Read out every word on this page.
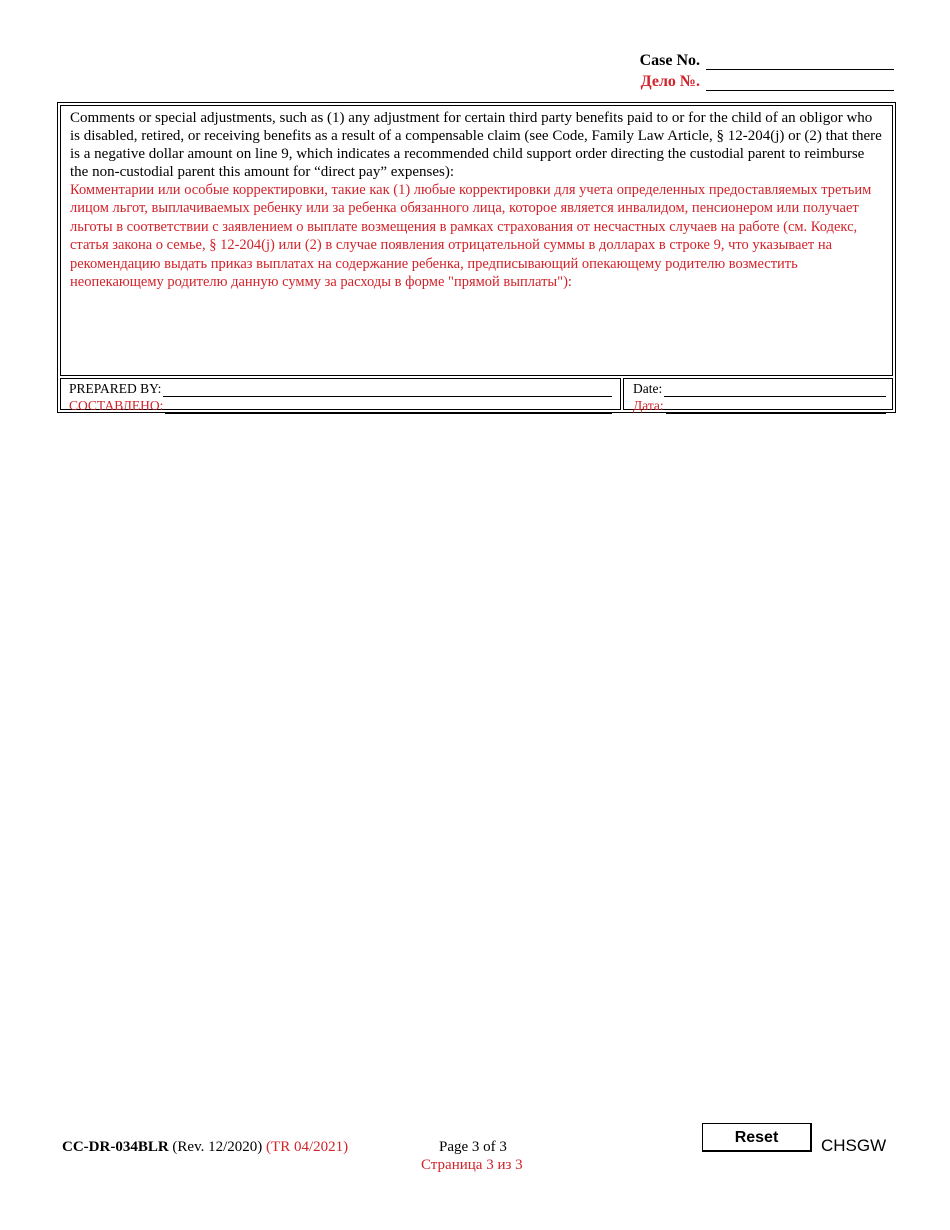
Case No.
Дело №.

Comments or special adjustments, such as (1) any adjustment for certain third party benefits paid to or for the child of an obligor who is disabled, retired, or receiving benefits as a result of a compensable claim (see Code, Family Law Article, § 12-204(j) or (2) that there is a negative dollar amount on line 9, which indicates a recommended child support order directing the custodial parent to reimburse the non-custodial parent this amount for “direct pay” expenses):

Комментарии или особые корректировки, такие как (1) любые корректировки для учета определенных предоставляемых третьим лицом льгот, выплачиваемых ребенку или за ребенка обязанного лица, которое является инвалидом, пенсионером или получает льготы в соответствии с заявлением о выплате возмещения в рамках страхования от несчастных случаев на работе (см. Кодекс, статья закона о семье, § 12-204(j) или (2) в случае появления отрицательной суммы в долларах в строке 9, что указывает на рекомендацию выдать приказ выплатах на содержание ребенка, предписывающий опекающему родителю возместить неопекающему родителю данную сумму за расходы в форме "прямой выплаты"):

PREPARED BY:
СОСТАВЛЕНО:
Date:
Дата:
CC-DR-034BLR (Rev. 12/2020) (TR 04/2021)	Page 3 of 3
Страница 3 из 3
Reset	CHSGW
